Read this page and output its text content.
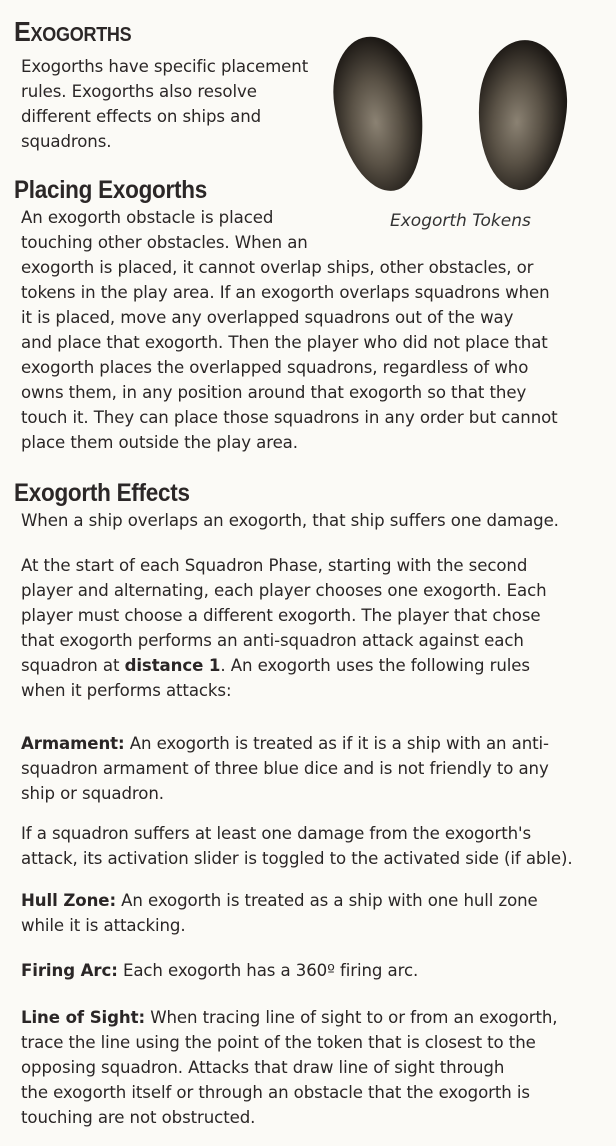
Exogorths
Exogorths have specific placement
rules. Exogorths also resolve
different effects on ships and
squadrons.
Exogorth Tokens
Placing Exogorths
An exogorth obstacle is placed
touching other obstacles. When an
exogorth is placed, it cannot overlap ships, other obstacles, or
tokens in the play area. If an exogorth overlaps squadrons when
it is placed, move any overlapped squadrons out of the way
and place that exogorth. Then the player who did not place that
exogorth places the overlapped squadrons, regardless of who
owns them, in any position around that exogorth so that they
touch it. They can place those squadrons in any order but cannot
place them outside the play area.
Exogorth Effects
When a ship overlaps an exogorth, that ship suffers one damage.
At the start of each Squadron Phase, starting with the second
player and alternating, each player chooses one exogorth. Each
player must choose a different exogorth. The player that chose
that exogorth performs an anti-squadron attack against each
squadron at distance 1. An exogorth uses the following rules
when it performs attacks:
Armament: An exogorth is treated as if it is a ship with an anti-
squadron armament of three blue dice and is not friendly to any
ship or squadron.
If a squadron suffers at least one damage from the exogorth's
attack, its activation slider is toggled to the activated side (if able).
Hull Zone: An exogorth is treated as a ship with one hull zone
while it is attacking.
Firing Arc: Each exogorth has a 360º firing arc.
Line of Sight: When tracing line of sight to or from an exogorth,
trace the line using the point of the token that is closest to the
opposing squadron. Attacks that draw line of sight through
the exogorth itself or through an obstacle that the exogorth is
touching are not obstructed.
